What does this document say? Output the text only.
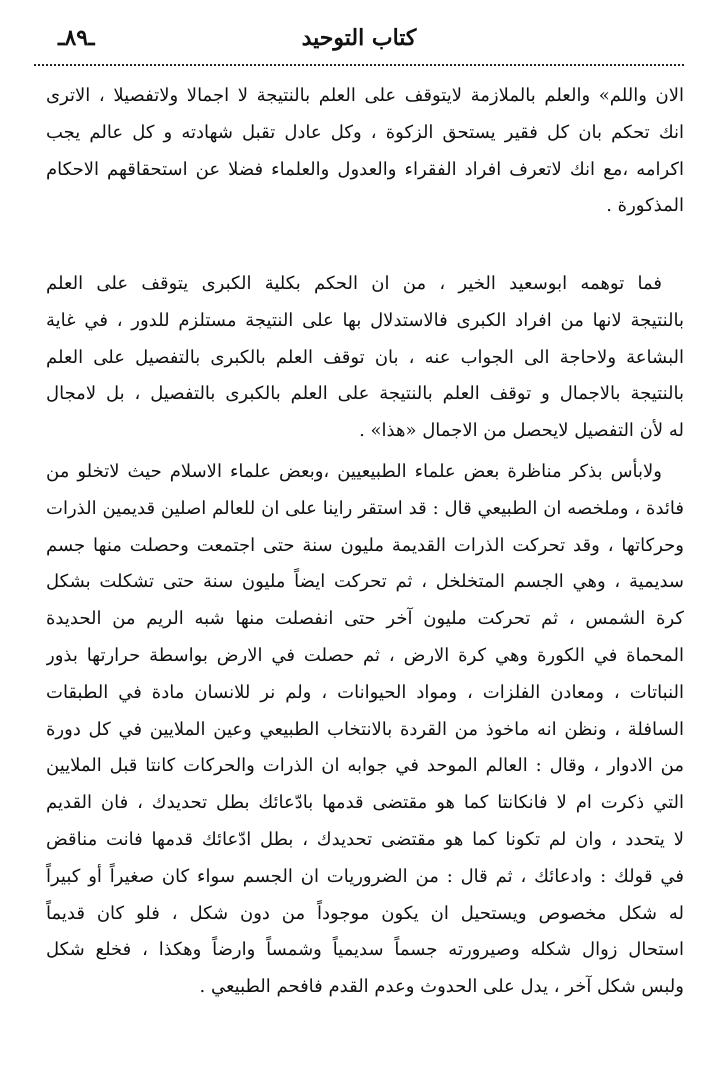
كتاب التوحيد
ـ٨٩ـ
الان واللم» والعلم بالملازمة لايتوقف على العلم بالنتيجة لا اجمالا ولاتفصيلا ، الاترى
انك تحكم بان كل فقير يستحق الزكوة ، وكل عادل تقبل شهادته و كل عالم يجب
اكرامه ،مع انك لاتعرف افراد الفقراء والعدول والعلماء فضلا عن استحقاقهم الاحكام
المذكورة .
فما توهمه ابوسعيد الخير ، من ان الحكم بكلية الكبرى يتوقف على العلم
بالنتيجة لانها من افراد الكبرى فالاستدلال بها على النتيجة مستلزم للدور ، في غاية
البشاعة ولاحاجة الى الجواب عنه ، بان توقف العلم بالكبرى بالتفصيل على العلم
بالنتيجة بالاجمال و توقف العلم بالنتيجة على العلم بالكبرى بالتفصيل ، بل لامجال
له لأن التفصيل لايحصل من الاجمال «هذا» .
ولابأس بذكر مناظرة بعض علماء الطبيعيين ،وبعض علماء الاسلام حيث لاتخلو من
فائدة ، وملخصه ان الطبيعي قال : قد استقر راينا على ان للعالم اصلين قديمين الذرات
وحركاتها ، وقد تحركت الذرات القديمة مليون سنة حتى اجتمعت وحصلت منها جسم
سديمية ، وهي الجسم المتخلخل ، ثم تحركت ايضاً مليون سنة حتى تشكلت بشكل
كرة الشمس ، ثم تحركت مليون آخر حتى انفصلت منها شبه الريم من الحديدة
المحماة في الكورة وهي كرة الارض ، ثم حصلت في الارض بواسطة حرارتها بذور
النباتات ، ومعادن الفلزات ، ومواد الحيوانات ، ولم نر للانسان مادة في الطبقات
السافلة ، ونظن انه ماخوذ من القردة بالانتخاب الطبيعي وعين الملايين في كل دورة
من الادوار ، وقال : العالم الموحد في جوابه ان الذرات والحركات كانتا قبل الملايين
التي ذكرت ام لا فانكانتا كما هو مقتضى قدمها بادّعائك بطل تحديدك ، فان القديم
لا يتحدد ، وان لم تكونا كما هو مقتضى تحديدك ، بطل ادّعائك قدمها فانت مناقض
في قولك : وادعائك ، ثم قال : من الضروريات ان الجسم سواء كان صغيراً أو كبيراً
له شكل مخصوص ويستحيل ان يكون موجوداً من دون شكل ، فلو كان قديماً
استحال زوال شكله وصيرورته جسماً سديمياً وشمساً وارضاً وهكذا ، فخلع شكل
ولبس شكل آخر ، يدل على الحدوث وعدم القدم فافحم الطبيعي .
